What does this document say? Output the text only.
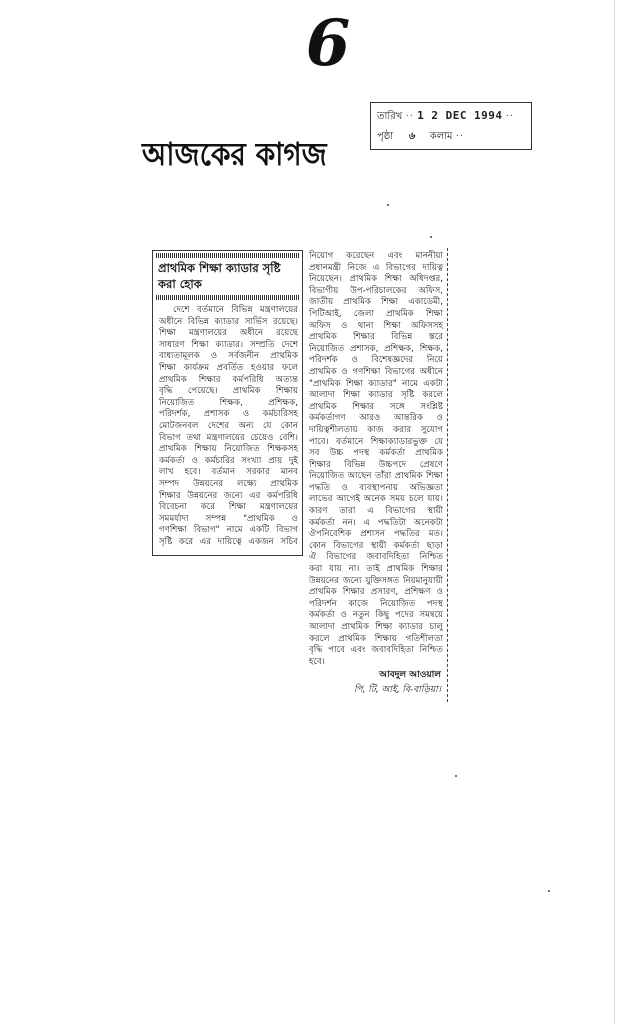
6
তারিখ ·· 1 2 DEC 1994 ··
পৃষ্ঠা ৬ কলাম ··
আজকের কাগজ
প্রাথমিক শিক্ষা ক্যাডার সৃষ্টি
করা হোক
দেশে বর্তমানে বিভিন্ন মন্ত্রণালয়ের
অধীনে বিভিন্ন ক্যাডার সার্ভিস রয়েছে।
শিক্ষা মন্ত্রণালয়ের অধীনে রয়েছে
সাধারণ শিক্ষা ক্যাডার। সম্প্রতি দেশে
বাধ্যতামূলক ও সর্বজনীন প্রাথমিক
শিক্ষা কার্যক্রম প্রবর্তিত হওয়ার ফলে
প্রাথমিক শিক্ষার কর্মপরিধি অত্যন্ত
বৃদ্ধি পেয়েছে। প্রাথমিক শিক্ষায়
নিয়োজিত শিক্ষক, প্রশিক্ষক,
পরিদর্শক, প্রশাসক ও কর্মচারিসহ
মোটজনবল দেশের অন্য যে কোন
বিভাগ তথা মন্ত্রণালয়ের চেয়েও বেশি।
প্রাথমিক শিক্ষায় নিয়োজিত শিক্ষকসহ
কর্মকর্তা ও কর্মচারির সংখ্যা প্রায় দুই
লাখ হবে। বর্তমান সরকার মানব
সম্পদ উন্নয়নের লক্ষ্যে প্রাথমিক
শিক্ষার উন্নয়নের জন্যে এর কর্মপরিধি
বিবেচনা করে শিক্ষা মন্ত্রণালয়ের
সমমর্যাদা সম্পন্ন "প্রাথমিক ও
গণশিক্ষা বিভাগ" নামে একটি বিভাগ
সৃষ্টি করে এর দায়িত্বে একজন সচিব
নিয়োগ করেছেন এবং মাননীয়া
প্রধানমন্ত্রী নিজে এ বিভাগের দায়িত্ব
নিয়েছেন। প্রাথমিক শিক্ষা অধিদপ্তর,
বিভাগীয় উপ-পরিচালকের অফিস,
জাতীয় প্রাথমিক শিক্ষা একাডেমী,
পিটিআই, জেলা প্রাথমিক শিক্ষা
অফিস ও থানা শিক্ষা অফিসসহ
প্রাথমিক শিক্ষার বিভিন্ন স্তরে
নিয়োজিত প্রশাসক, প্রশিক্ষক, শিক্ষক,
পরিদর্শক ও বিশেষজ্ঞদের নিয়ে
প্রাথমিক ও গণশিক্ষা বিভাগের অধীনে
"প্রাথমিক শিক্ষা ক্যাডার" নামে একটা
আলাদা শিক্ষা ক্যাডার সৃষ্টি করলে
প্রাথমিক শিক্ষার সঙ্গে সংশ্লিষ্ট
কর্মকর্তাগণ আরও আন্তরিক ও
দায়িত্বশীলতায় কাজ করার সুযোগ
পাবে। বর্তমানে শিক্ষাক্যাডারভুক্ত যে
সব উচ্চ পদস্থ কর্মকর্তা প্রাথমিক
শিক্ষার বিভিন্ন উচ্চপদে প্রেষণে
নিয়োজিত আছেন তাঁরা প্রাথমিক শিক্ষা
পদ্ধতি ও ব্যবস্থাপনায় অভিজ্ঞতা
লাভের আগেই অনেক সময় চলে যায়।
কারণ তারা এ বিভাগের স্থায়ী
কর্মকর্তা নন। এ পদ্ধতিটা অনেকটা
ঔপনিবেশিক প্রশাসন পদ্ধতির মত।
কোন বিভাগের স্থায়ী কর্মকর্তা ছাড়া
ঐ বিভাগের জবাবদিহিতা নিশ্চিত
করা যায় না। তাই প্রাথমিক শিক্ষার
উন্নয়নের জন্যে যুক্তিসঙ্গত নিয়মানুযায়ী
প্রাথমিক শিক্ষার প্রসারণ, প্রশিক্ষণ ও
পরিদর্শন কাজে নিয়োজিত পদস্থ
কর্মকর্তা ও নতুন কিছু পদের সমন্বয়ে
আলাদা প্রাথমিক শিক্ষা ক্যাডার চালু
করলে প্রাথমিক শিক্ষায় গতিশীলতা
বৃদ্ধি পাবে এবং জবাবদিহিতা নিশ্চিত
হবে।
আবদুল আওয়াল
পি, টি, আই, বি-বাড়িয়া।
